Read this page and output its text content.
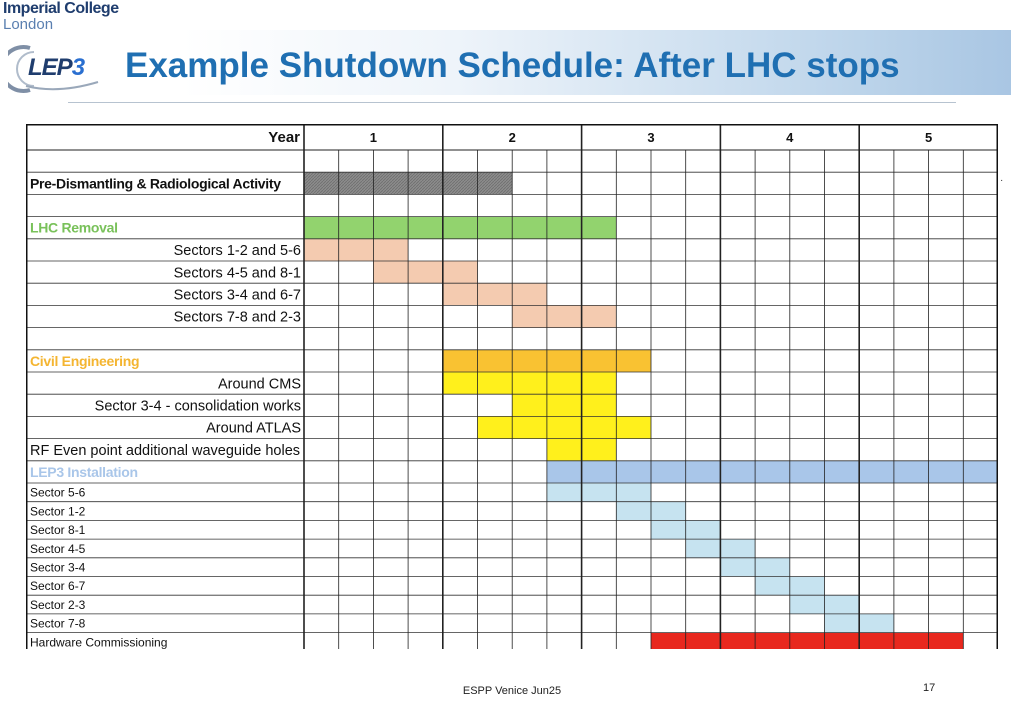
Imperial College
London
LEP3 Example Shutdown Schedule: After LHC stops
Year	1	2	3	4	5
Pre-Dismantling & Radiological Activity
LHC Removal
Sectors 1-2 and 5-6
Sectors 4-5 and 8-1
Sectors 3-4 and 6-7
Sectors 7-8 and 2-3
Civil Engineering
Around CMS
Sector 3-4 - consolidation works
Around ATLAS
RF Even point additional waveguide holes
LEP3 Installation
Sector 5-6
Sector 1-2
Sector 8-1
Sector 4-5
Sector 3-4
Sector 6-7
Sector 2-3
Sector 7-8
Hardware Commissioning
·
ESPP Venice Jun25	17
